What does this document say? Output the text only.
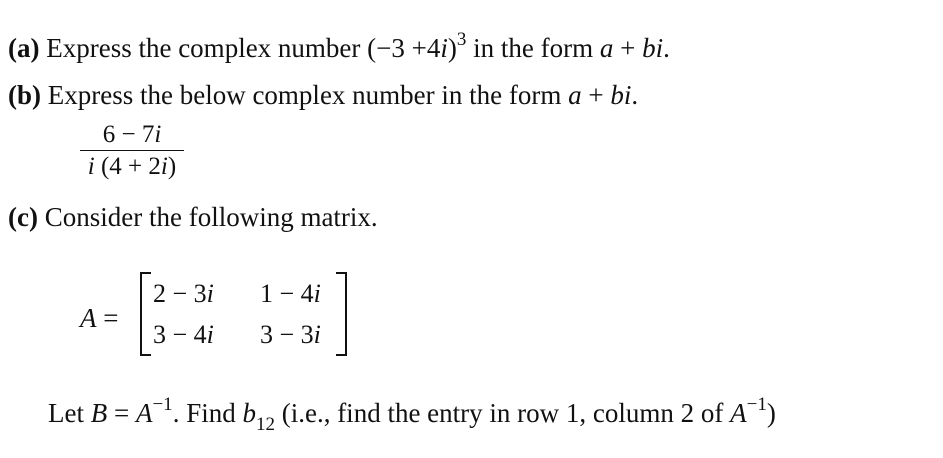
(a) Express the complex number $(-3 +4i)^3$ in the form a + bi.
(b) Express the below complex number in the form a + bi.
6 − 7i
i (4 + 2i)
(c) Consider the following matrix.
A =
2 − 3i 1 − 4i
3 − 4i 3 − 3i
Let $B = A^{-1}$. Find $b_{12}$ (i.e., find the entry in row 1, column 2 of $A^{-1}$)
